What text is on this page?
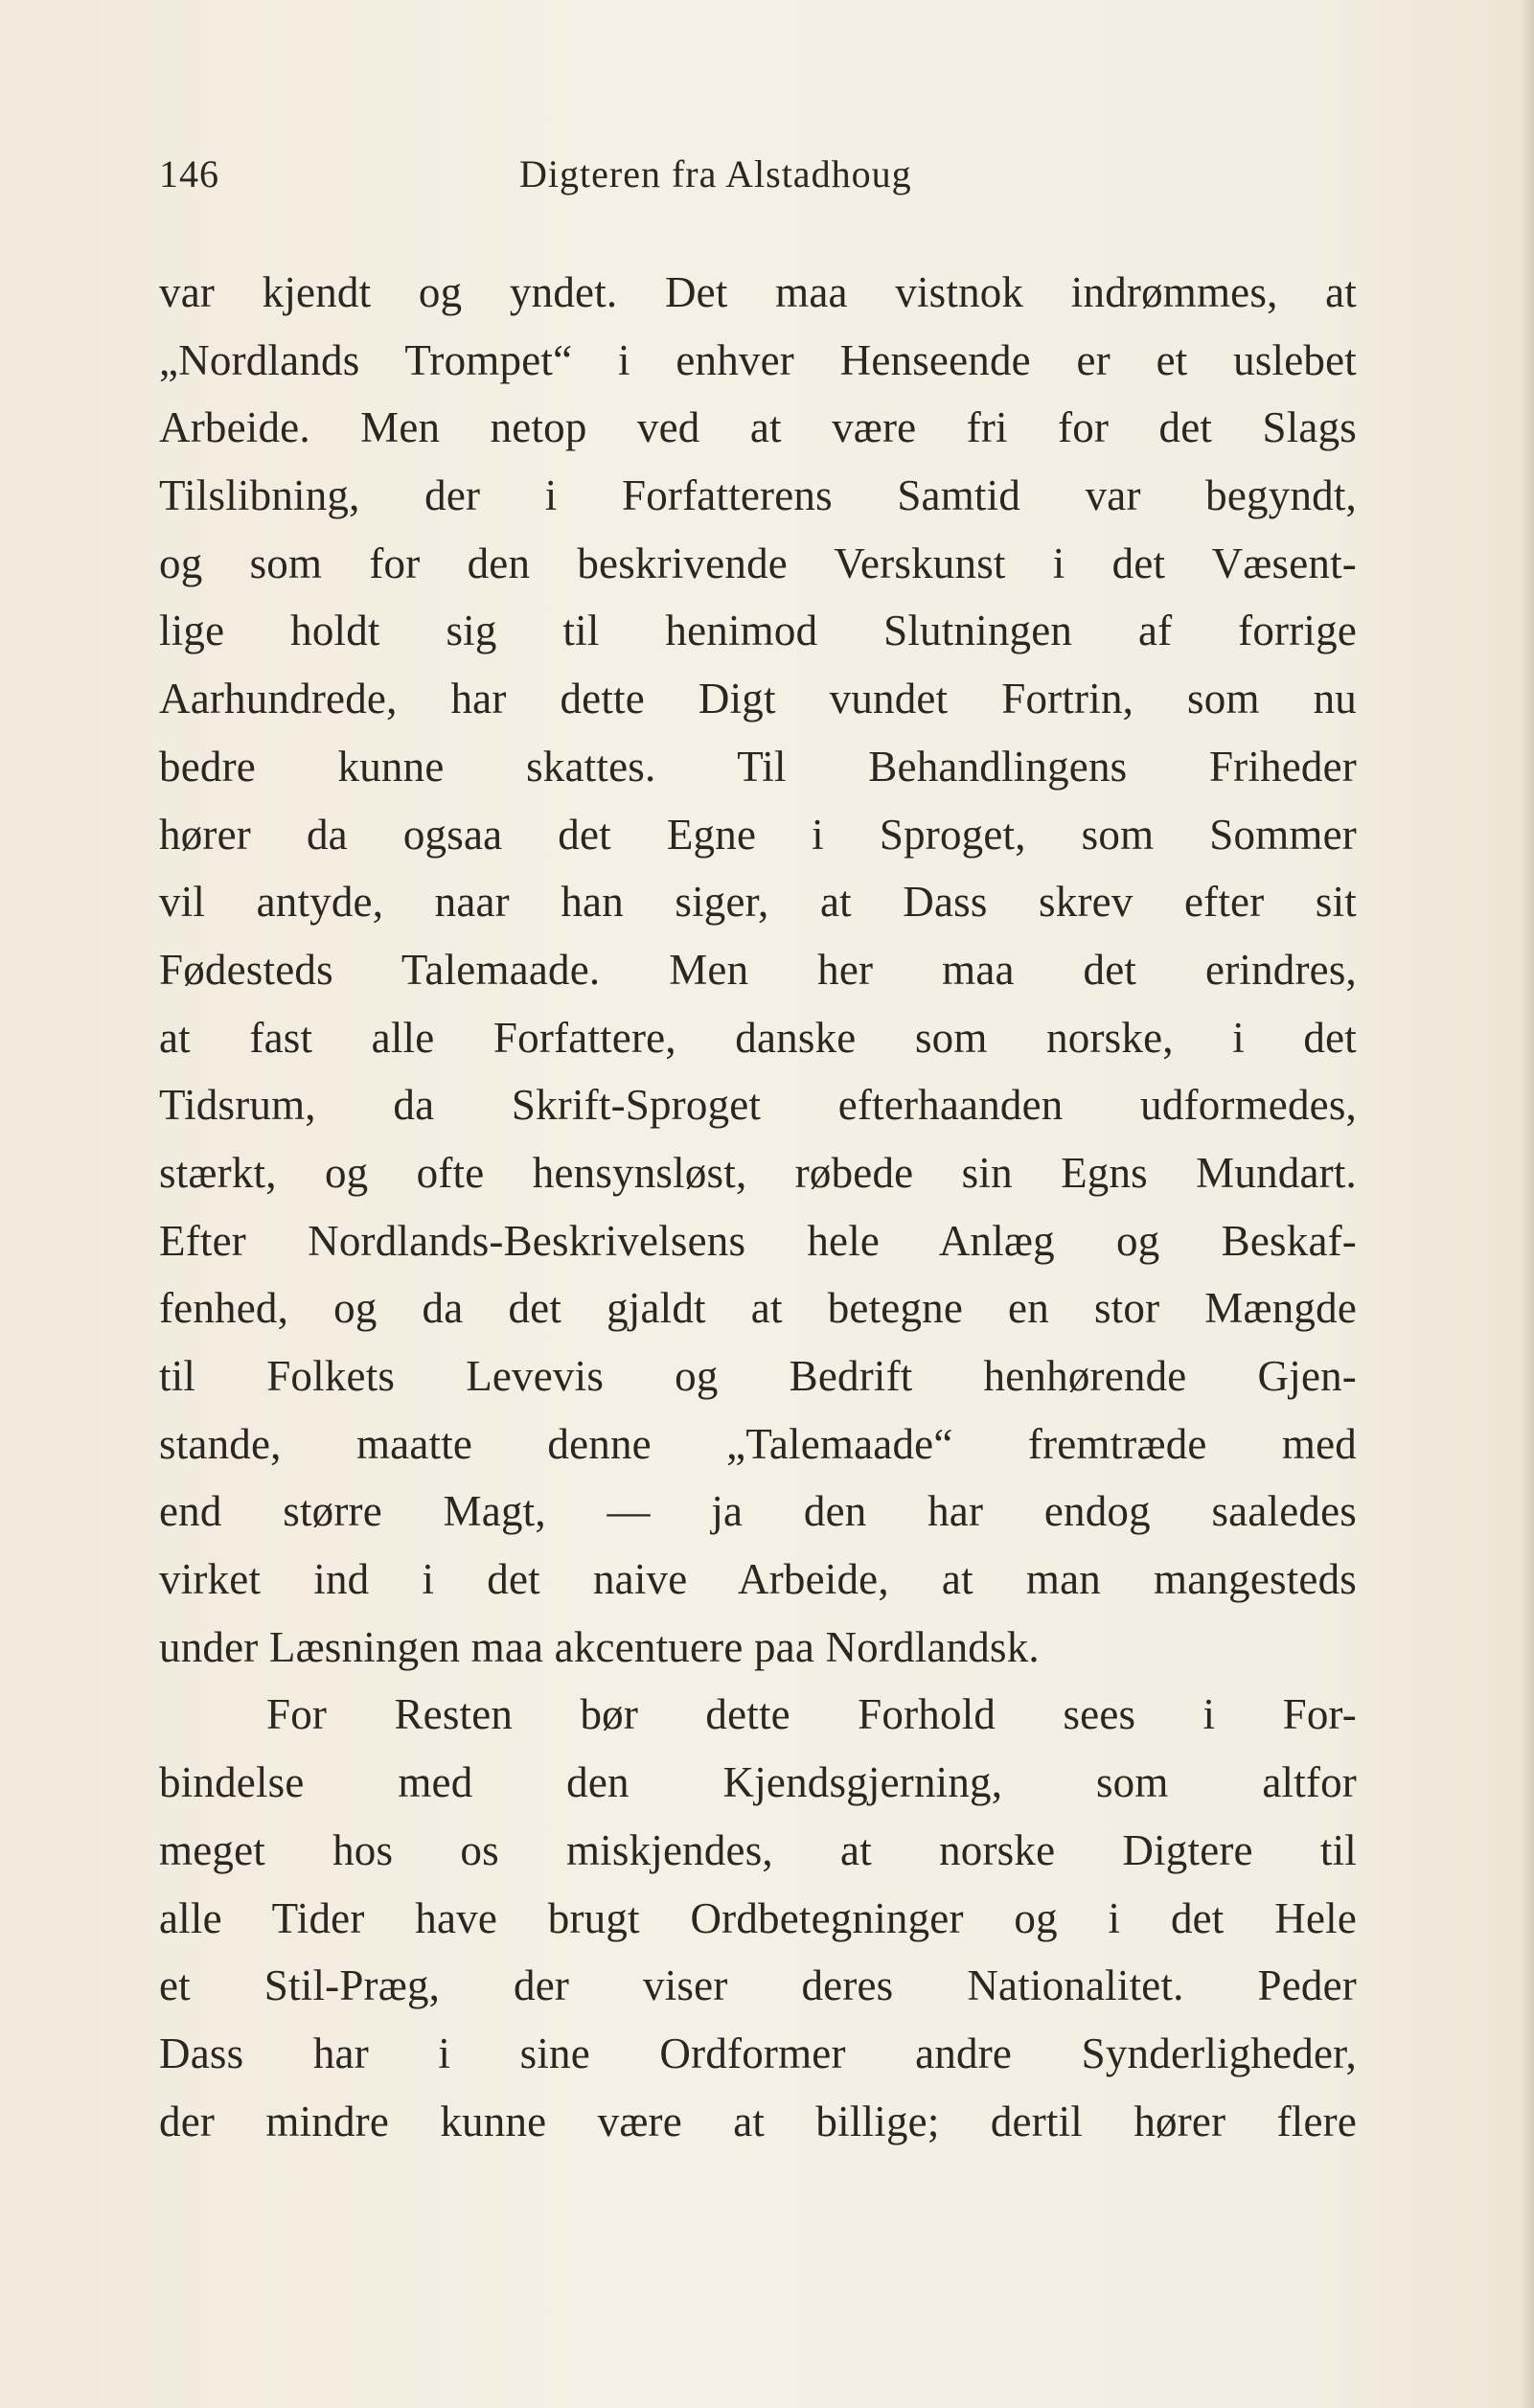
146	Digteren fra Alstadhoug
var kjendt og yndet. Det maa vistnok indrømmes, at
„Nordlands Trompet“ i enhver Henseende er et uslebet
Arbeide. Men netop ved at være fri for det Slags
Tilslibning, der i Forfatterens Samtid var begyndt,
og som for den beskrivende Verskunst i det Væsent-
lige holdt sig til henimod Slutningen af forrige
Aarhundrede, har dette Digt vundet Fortrin, som nu
bedre kunne skattes. Til Behandlingens Friheder
hører da ogsaa det Egne i Sproget, som Sommer
vil antyde, naar han siger, at Dass skrev efter sit
Fødesteds Talemaade. Men her maa det erindres,
at fast alle Forfattere, danske som norske, i det
Tidsrum, da Skrift-Sproget efterhaanden udformedes,
stærkt, og ofte hensynsløst, røbede sin Egns Mundart.
Efter Nordlands-Beskrivelsens hele Anlæg og Beskaf-
fenhed, og da det gjaldt at betegne en stor Mængde
til Folkets Levevis og Bedrift henhørende Gjen-
stande, maatte denne „Talemaade“ fremtræde med
end større Magt, — ja den har endog saaledes
virket ind i det naive Arbeide, at man mangesteds
under Læsningen maa akcentuere paa Nordlandsk.
For Resten bør dette Forhold sees i For-
bindelse med den Kjendsgjerning, som altfor
meget hos os miskjendes, at norske Digtere til
alle Tider have brugt Ordbetegninger og i det Hele
et Stil-Præg, der viser deres Nationalitet. Peder
Dass har i sine Ordformer andre Synderligheder,
der mindre kunne være at billige; dertil hører flere
